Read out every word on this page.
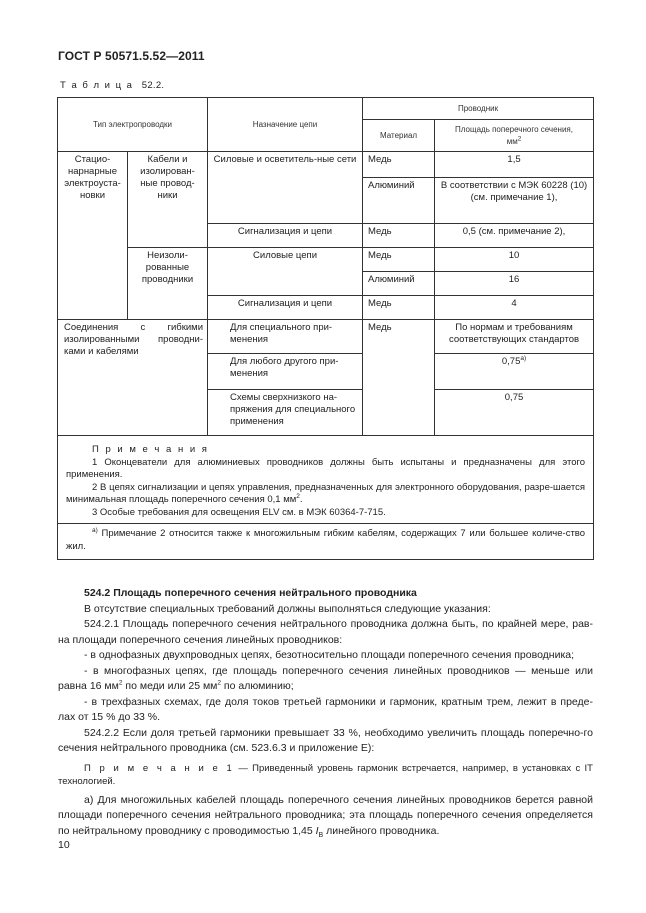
ГОСТ Р 50571.5.52—2011
Т а б л и ц а 52.2.
Тип электропроводки		Назначение цепи	Проводник	
			Материал	Площадь поперечного сечения,
$мм^2$
Стацио-нарнарные электроуста-новки	Кабели и изолирован-ные провод-ники	Силовые и осветитель-ные сети	Медь	1,5
			Алюминий	В соответствии с МЭК 60228 (10) (см. примечание 1),
		Сигнализация и цепи	Медь	0,5 (см. примечание 2),
	Неизоли-рованные проводники	Силовые цепи	Медь	10
			Алюминий	16
		Сигнализация и цепи	Медь	4
Соединения с гибкими изолированными проводни-ками и кабелями		Для специального при-менения	Медь	По нормам и требованиям соответствующих стандартов
		Для любого другого при-менения		$0,75^{а)}$
		Схемы сверхнизкого на-пряжения для специального применения		0,75

П р и м е ч а н и я
1 Оконцеватели для алюминиевых проводников должны быть испытаны и предназначены для этого применения.
2 В цепях сигнализации и цепях управления, предназначенных для электронного оборудования, разре-шается минимальная площадь поперечного сечения 0,1 $мм^2$.
3 Особые требования для освещения ELV см. в МЭК 60364-7-715.				

$^{а)}$ Примечание 2 относится также к многожильным гибким кабелям, содержащих 7 или большее количе-ство жил.				

524.2 Площадь поперечного сечения нейтрального проводника

В отсутствие специальных требований должны выполняться следующие указания:

524.2.1 Площадь поперечного сечения нейтрального проводника должна быть, по крайней мере, рав-на площади поперечного сечения линейных проводников:

- в однофазных двухпроводных цепях, безотносительно площади поперечного сечения проводника;

- в многофазных цепях, где площадь поперечного сечения линейных проводников — меньше или равна 16 $мм^2$ по меди или 25 $мм^2$ по алюминию;

- в трехфазных схемах, где доля токов третьей гармоники и гармоник, кратным трем, лежит в преде-лах от 15 % до 33 %.

524.2.2 Если доля третьей гармоники превышает 33 %, необходимо увеличить площадь поперечно-го сечения нейтрального проводника (см. 523.6.3 и приложение Е):

П р и м е ч а н и е 1 — Приведенный уровень гармоник встречается, например, в установках с IT технологией.

а) Для многожильных кабелей площадь поперечного сечения линейных проводников берется равной площади поперечного сечения нейтрального проводника; эта площадь поперечного сечения определяется по нейтральному проводнику с проводимостью 1,45 $I_B$ линейного проводника.

10
